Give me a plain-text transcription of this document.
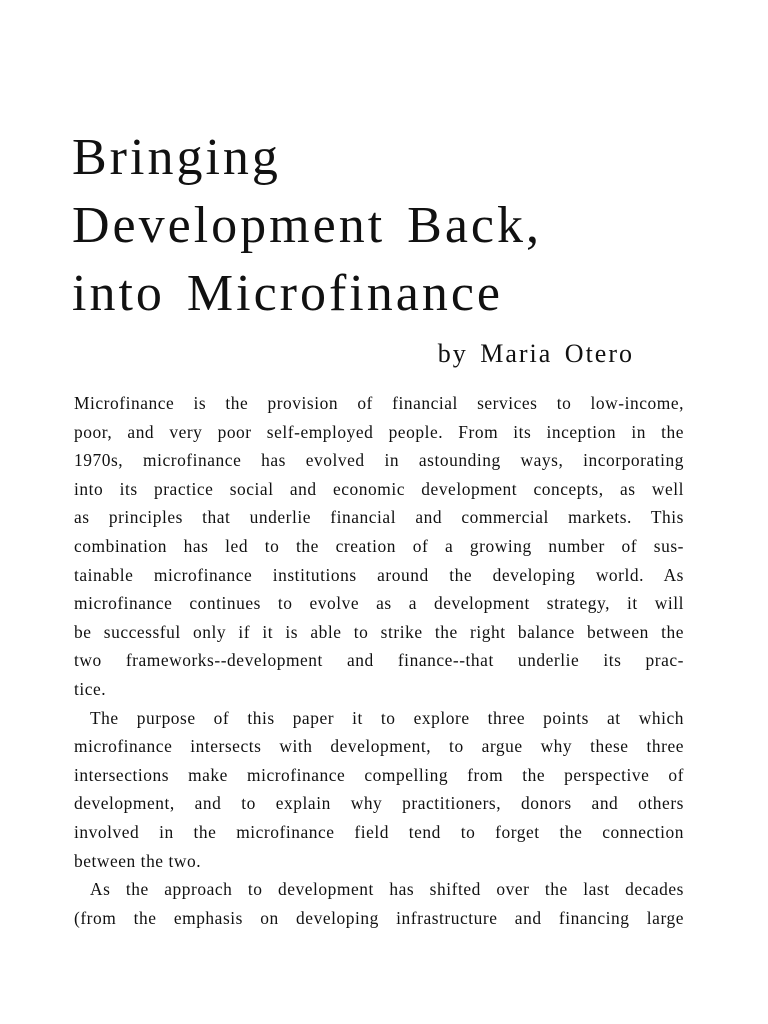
Bringing
Development Back,
into Microfinance
by Maria Otero

Microfinance is the provision of financial services to low-income,
poor, and very poor self-employed people. From its inception in the
1970s, microfinance has evolved in astounding ways, incorporating
into its practice social and economic development concepts, as well
as principles that underlie financial and commercial markets. This
combination has led to the creation of a growing number of sus-
tainable microfinance institutions around the developing world. As
microfinance continues to evolve as a development strategy, it will
be successful only if it is able to strike the right balance between the
two frameworks--development and finance--that underlie its prac-
tice.

The purpose of this paper it to explore three points at which
microfinance intersects with development, to argue why these three
intersections make microfinance compelling from the perspective of
development, and to explain why practitioners, donors and others
involved in the microfinance field tend to forget the connection
between the two.

As the approach to development has shifted over the last decades
(from the emphasis on developing infrastructure and financing large
